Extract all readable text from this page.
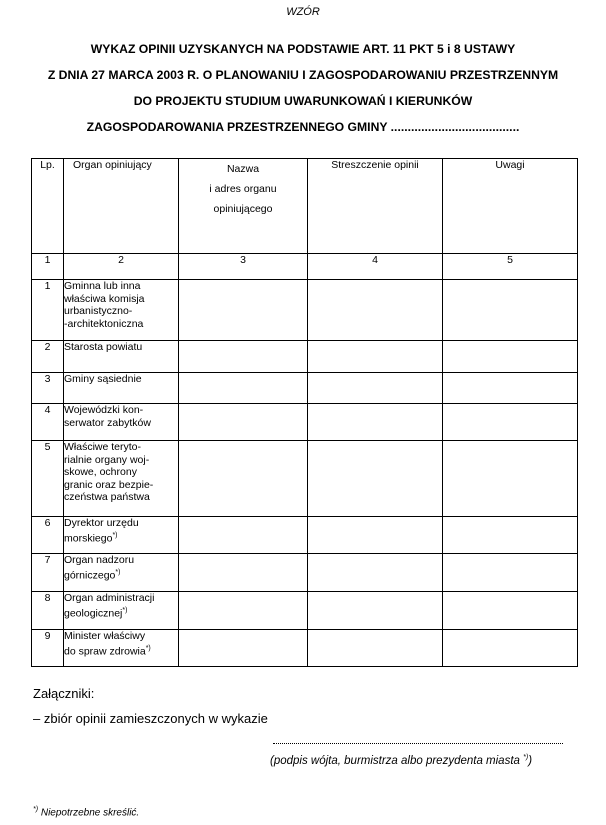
WZÓR
WYKAZ OPINII UZYSKANYCH NA PODSTAWIE ART. 11 PKT 5 i 8 USTAWY
Z DNIA 27 MARCA 2003 R. O PLANOWANIU I ZAGOSPODAROWANIU PRZESTRZENNYM
DO PROJEKTU STUDIUM UWARUNKOWAŃ I KIERUNKÓW
ZAGOSPODAROWANIA PRZESTRZENNEGO GMINY ......................................
Lp.	Organ opiniujący	Nazwa
i adres organu
opiniującego	Streszczenie opinii	Uwagi
1	2	3	4	5
1	Gminna lub inna
właściwa komisja
urbanistyczno-
-architektoniczna			

2	Starosta powiatu			

3	Gminy sąsiednie			

4	Wojewódzki kon-
serwator zabytków			

5	Właściwe teryto-
rialnie organy woj-
skowe, ochrony
granic oraz bezpie-
czeństwa państwa			

6	Dyrektor urzędu
morskiego*)

7	Organ nadzoru
górniczego*)

8	Organ administracji
geologicznej*)

9	Minister właściwy
do spraw zdrowia*)

Załączniki:
– zbiór opinii zamieszczonych w wykazie
(podpis wójta, burmistrza albo prezydenta miasta *))
*) Niepotrzebne skreślić.
